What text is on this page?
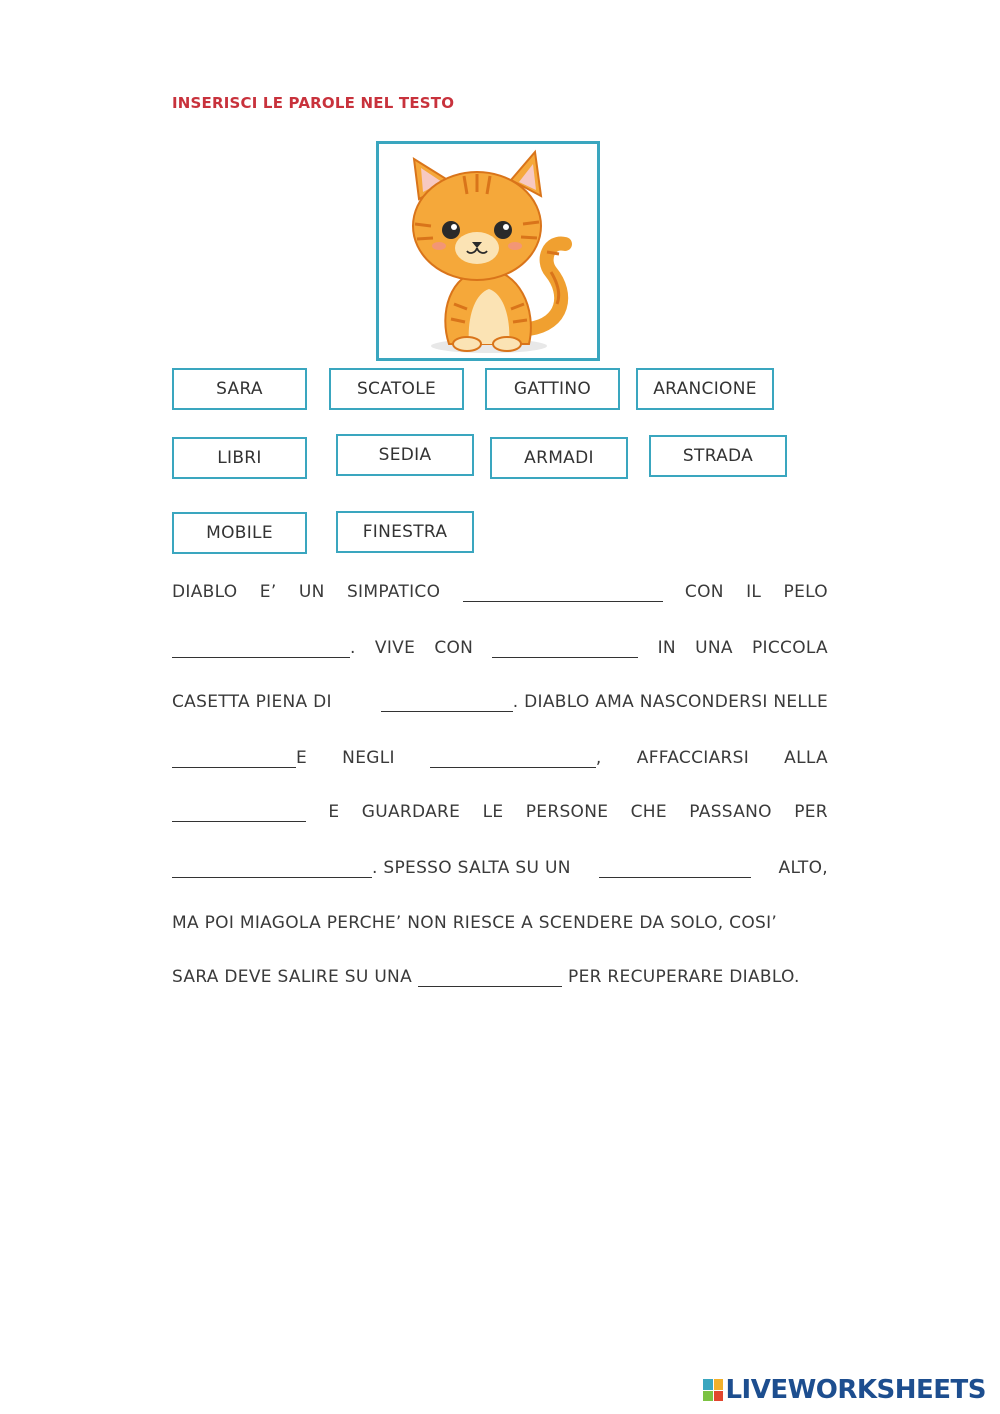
INSERISCI LE PAROLE NEL TESTO
SARA	SCATOLE	GATTINO	ARANCIONE
LIBRI	SEDIA	ARMADI	STRADA
MOBILE	FINESTRA
DIABLO E’ UN SIMPATICO	CON IL PELO
. VIVE CON	IN UNA PICCOLA
CASETTA PIENA DI	. DIABLO AMA NASCONDERSI NELLE
E NEGLI	, AFFACCIARSI ALLA
E GUARDARE LE PERSONE CHE PASSANO PER
. SPESSO SALTA SU UN	ALTO,
MA POI MIAGOLA PERCHE’ NON RIESCE A SCENDERE DA SOLO, COSI’
SARA DEVE SALIRE SU UNA	PER RECUPERARE DIABLO.
LIVEWORKSHEETS
